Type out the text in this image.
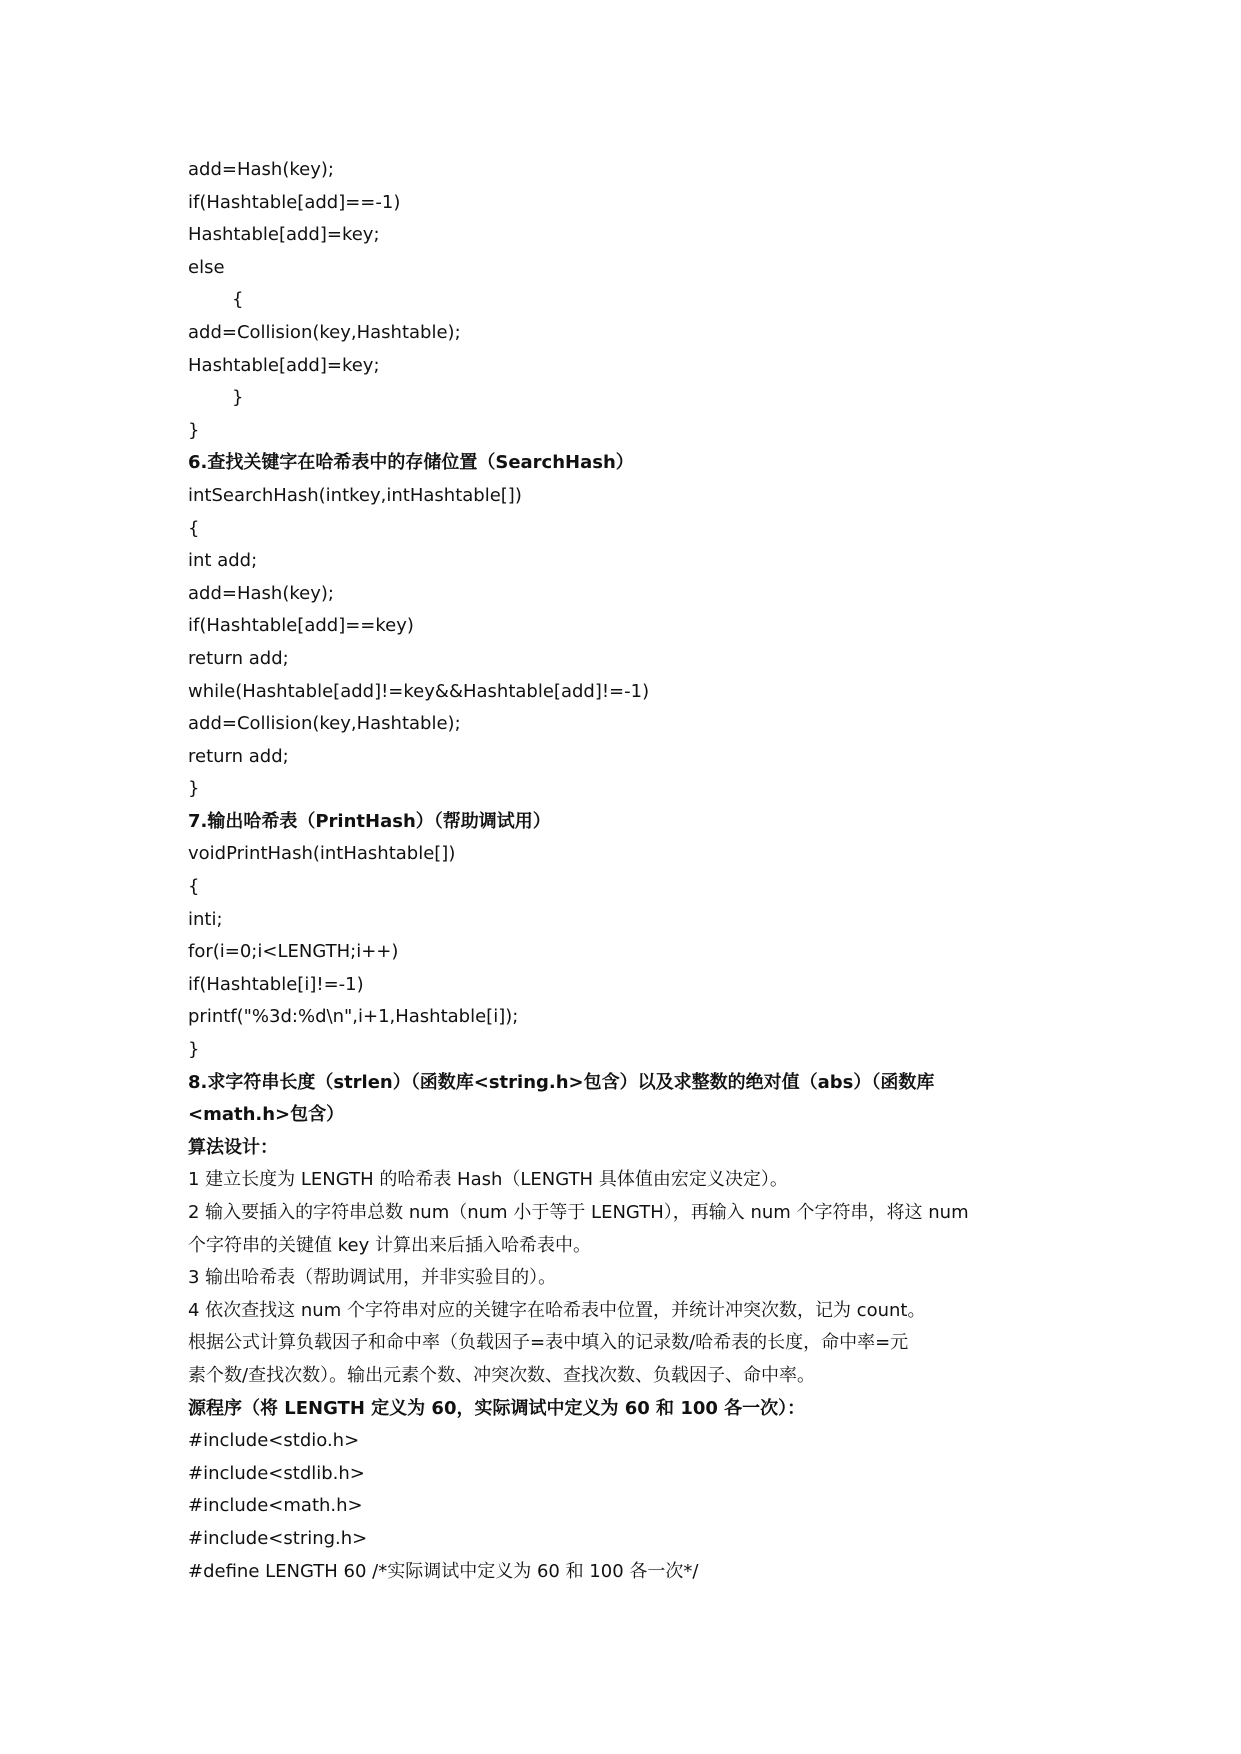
add=Hash(key);
if(Hashtable[add]==-1)
Hashtable[add]=key;
else
{
add=Collision(key,Hashtable);
Hashtable[add]=key;
}
}
6.查找关键字在哈希表中的存储位置（SearchHash）
intSearchHash(intkey,intHashtable[])
{
int add;
add=Hash(key);
if(Hashtable[add]==key)
return add;
while(Hashtable[add]!=key&&Hashtable[add]!=-1)
add=Collision(key,Hashtable);
return add;
}
7.输出哈希表（PrintHash）（帮助调试用）
voidPrintHash(intHashtable[])
{
inti;
for(i=0;i<LENGTH;i++)
if(Hashtable[i]!=-1)
printf("%3d:%d\n",i+1,Hashtable[i]);
}
8.求字符串长度（strlen）（函数库<string.h>包含）以及求整数的绝对值（abs）（函数库
<math.h>包含）
算法设计：
1 建立长度为 LENGTH 的哈希表 Hash（LENGTH 具体值由宏定义决定）。
2 输入要插入的字符串总数 num（num 小于等于 LENGTH），再输入 num 个字符串，将这 num
个字符串的关键值 key 计算出来后插入哈希表中。
3 输出哈希表（帮助调试用，并非实验目的）。
4 依次查找这 num 个字符串对应的关键字在哈希表中位置，并统计冲突次数，记为 count。
根据公式计算负载因子和命中率（负载因子=表中填入的记录数/哈希表的长度，命中率=元
素个数/查找次数）。输出元素个数、冲突次数、查找次数、负载因子、命中率。
源程序（将 LENGTH 定义为 60，实际调试中定义为 60 和 100 各一次）：
#include<stdio.h>
#include<stdlib.h>
#include<math.h>
#include<string.h>
#define LENGTH 60 /*实际调试中定义为 60 和 100 各一次*/
